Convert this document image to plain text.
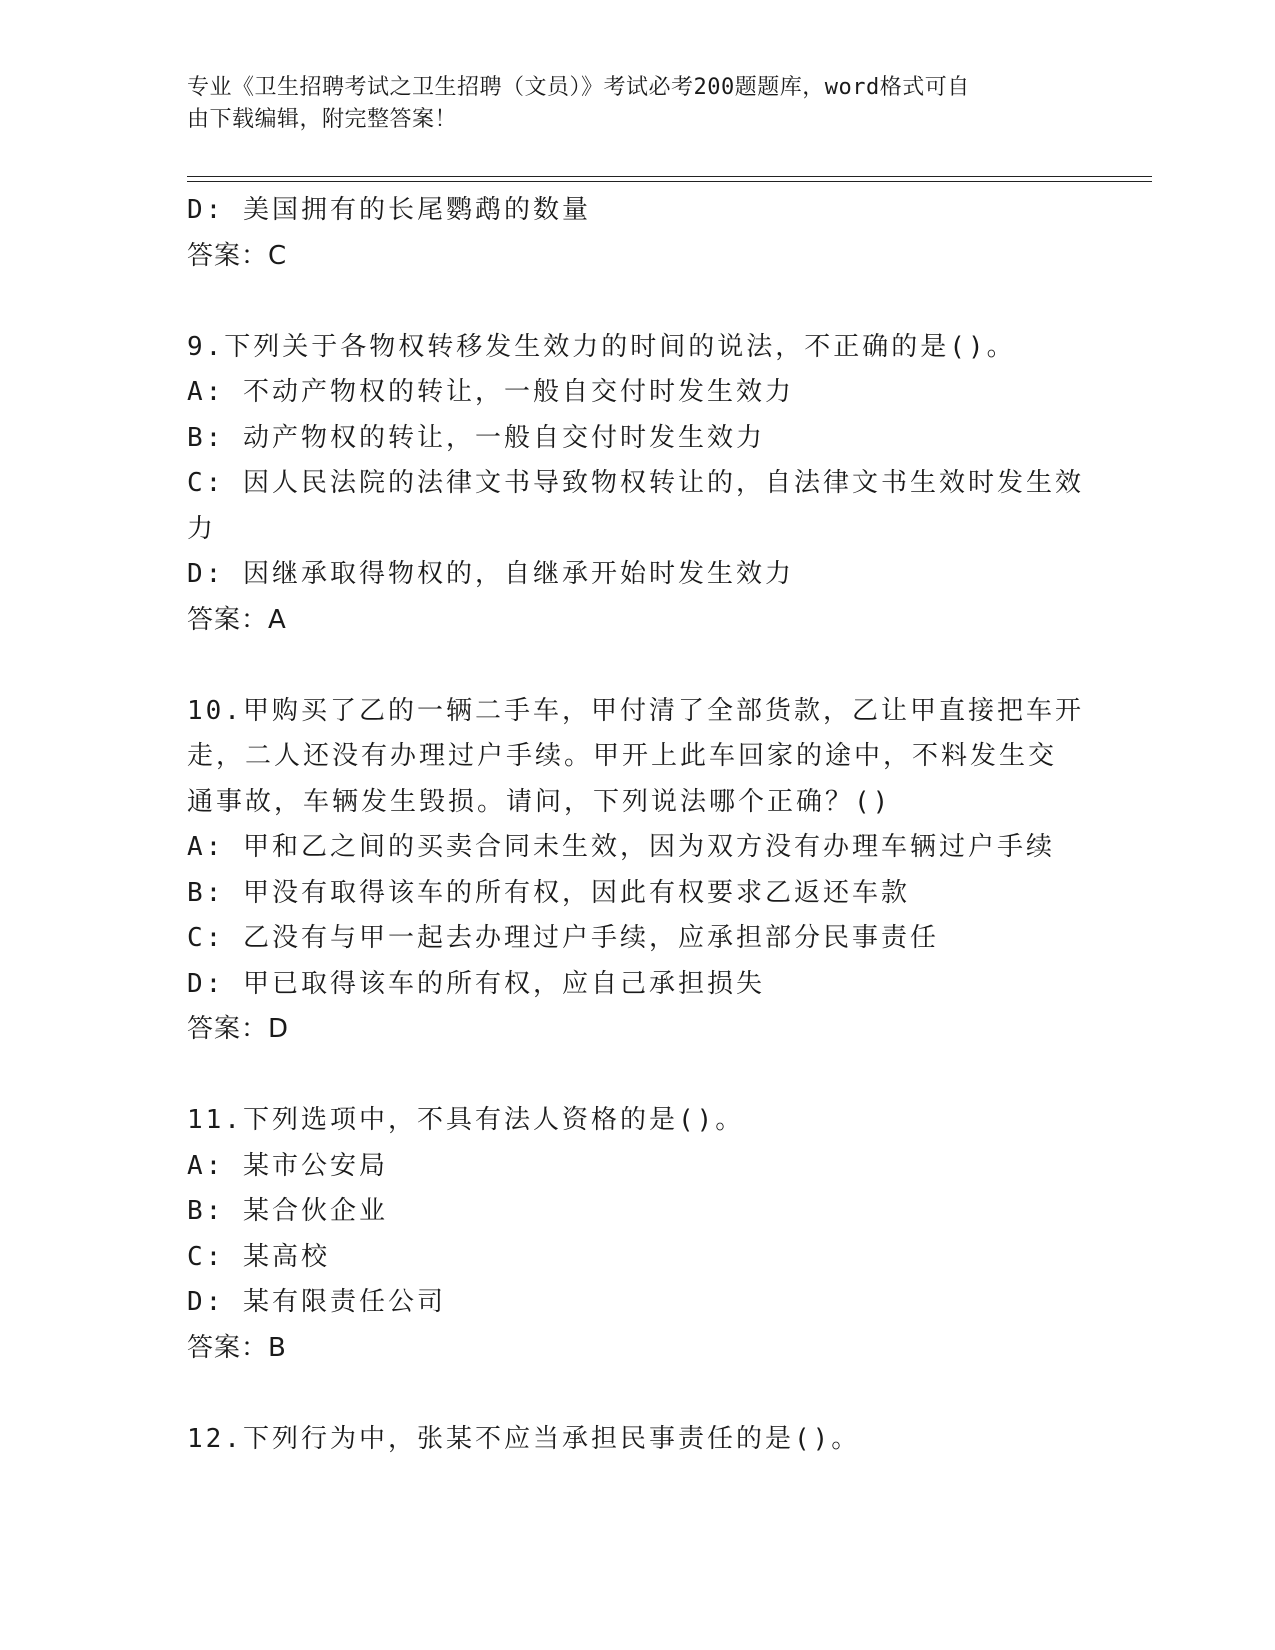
专业《卫生招聘考试之卫生招聘（文员）》考试必考200题题库，word格式可自
由下载编辑，附完整答案！
D: 美国拥有的长尾鹦鹉的数量
答案：C
9.下列关于各物权转移发生效力的时间的说法，不正确的是()。
A: 不动产物权的转让，一般自交付时发生效力
B: 动产物权的转让，一般自交付时发生效力
C: 因人民法院的法律文书导致物权转让的，自法律文书生效时发生效
力
D: 因继承取得物权的，自继承开始时发生效力
答案：A
10.甲购买了乙的一辆二手车，甲付清了全部货款，乙让甲直接把车开
走，二人还没有办理过户手续。甲开上此车回家的途中，不料发生交
通事故，车辆发生毁损。请问，下列说法哪个正确？()
A: 甲和乙之间的买卖合同未生效，因为双方没有办理车辆过户手续
B: 甲没有取得该车的所有权，因此有权要求乙返还车款
C: 乙没有与甲一起去办理过户手续，应承担部分民事责任
D: 甲已取得该车的所有权，应自己承担损失
答案：D
11.下列选项中，不具有法人资格的是()。
A: 某市公安局
B: 某合伙企业
C: 某高校
D: 某有限责任公司
答案：B
12.下列行为中，张某不应当承担民事责任的是()。
